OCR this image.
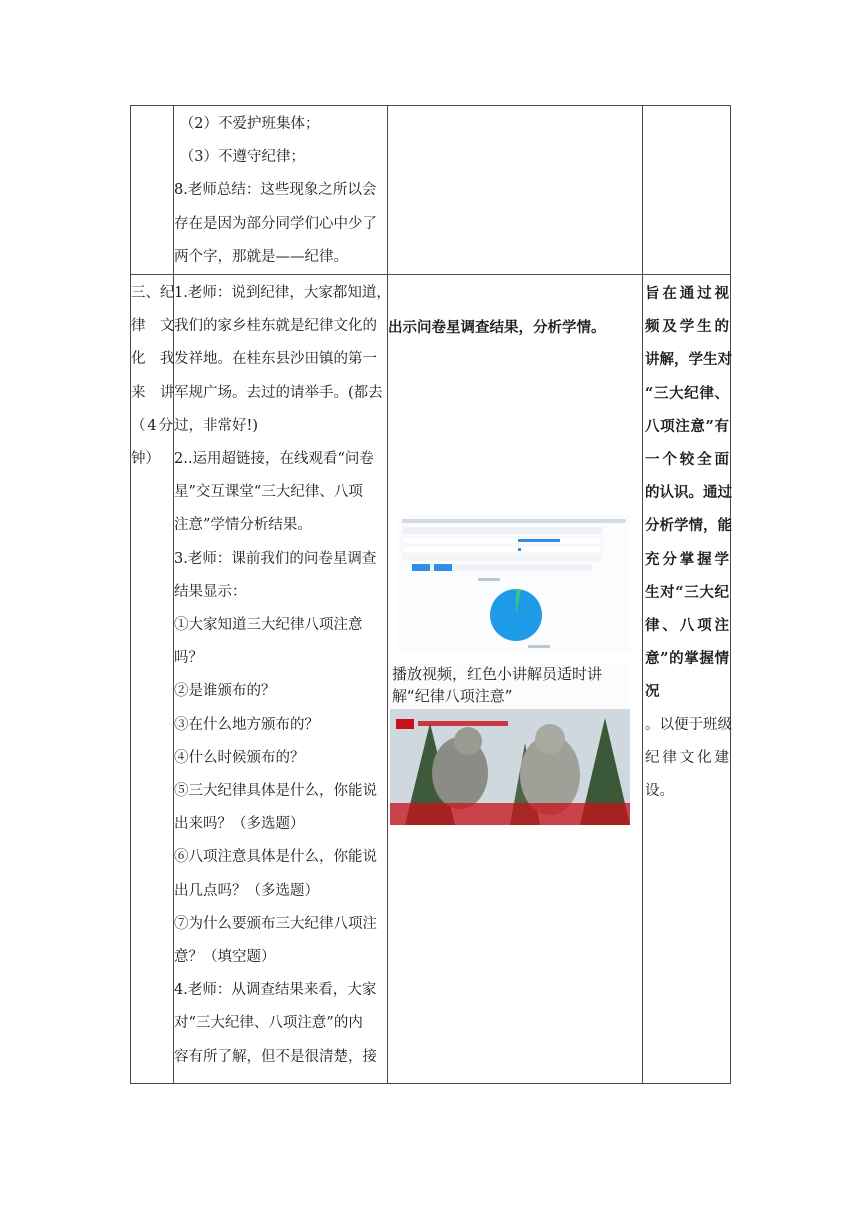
（2）不爱护班集体；

（3）不遵守纪律；

8.老师总结：这些现象之所以会

存在是因为部分同学们心中少了

两个字，那就是——纪律。

三、纪

律　文

化　我

来　讲

（4分

钟）

1.老师：说到纪律，大家都知道，

我们的家乡桂东就是纪律文化的

发祥地。在桂东县沙田镇的第一

军规广场。去过的请举手。(都去

过，非常好!)

2..运用超链接，在线观看“问卷

星”交互课堂“三大纪律、八项

注意”学情分析结果。

3.老师：课前我们的问卷星调查

结果显示：

①大家知道三大纪律八项注意

吗？

②是谁颁布的？

③在什么地方颁布的？

④什么时候颁布的？

⑤三大纪律具体是什么，你能说

出来吗？（多选题）

⑥八项注意具体是什么，你能说

出几点吗？（多选题）

⑦为什么要颁布三大纪律八项注

意？（填空题）

4.老师：从调查结果来看，大家

对“三大纪律、八项注意”的内

容有所了解，但不是很清楚，接

出示问卷星调查结果，分析学情。

播放视频，红色小讲解员适时讲解“纪律八项注意”

旨在通过视

频及学生的

讲解，学生对

“三大纪律、

八项注意”有

一个较全面

的认识。通过

分析学情，能

充分掌握学

生对“三大纪

律、八项注

意”的掌握情

况

。以便于班级

纪律文化建

设。
